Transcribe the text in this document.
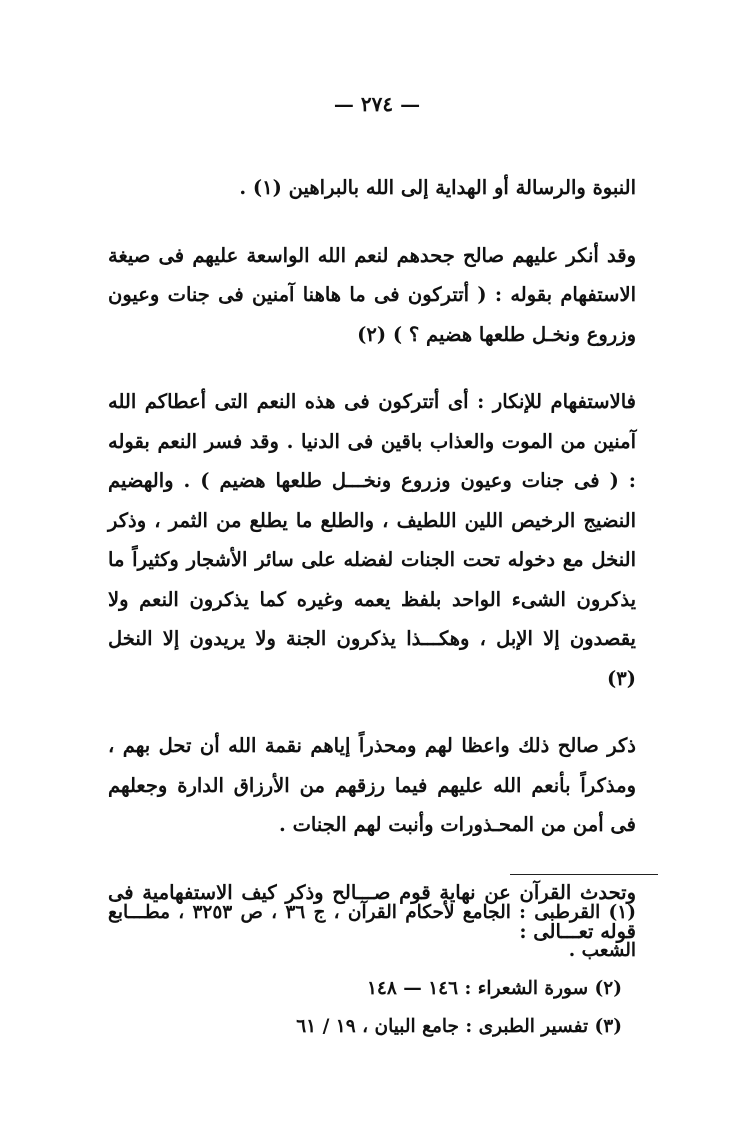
— ٢٧٤ —

النبوة والرسالة أو الهداية إلى الله بالبراهين (١) .

وقد أنكر عليهم صالح جحدهم لنعم الله الواسعة عليهم فى صيغة الاستفهام بقوله : ( أتتركون فى ما هاهنا آمنين فى جنات وعيون وزروع ونخـل طلعها هضيم ؟ ) (٢)

فالاستفهام للإنكار : أى أتتركون فى هذه النعم التى أعطاكم الله آمنين من الموت والعذاب باقين فى الدنيا . وقد فسر النعم بقوله : ( فى جنات وعيون وزروع ونخـــل طلعها هضيم ) . والهضيم النضيج الرخيص اللين اللطيف ، والطلع ما يطلع من الثمر ، وذكر النخل مع دخوله تحت الجنات لفضله على سائر الأشجار وكثيراً ما يذكرون الشىء الواحد بلفظ يعمه وغيره كما يذكرون النعم ولا يقصدون إلا الإبل ، وهكـــذا يذكرون الجنة ولا يريدون إلا النخل (٣)

ذكر صالح ذلك واعظا لهم ومحذراً إياهم نقمة الله أن تحل بهم ، ومذكراً بأنعم الله عليهم فيما رزقهم من الأرزاق الدارة وجعلهم فى أمن من المحـذورات وأنبت لهم الجنات .

وتحدث القرآن عن نهاية قوم صـــالح وذكر كيف الاستفهامية فى قوله تعـــالى :

(١) القرطبى : الجامع لأحكام القرآن ، ج ٣٦ ، ص ٣٢٥٣ ، مطـــابع الشعب .

(٢) سورة الشعراء : ١٤٦ — ١٤٨

(٣) تفسير الطبرى : جامع البيان ، ١٩ / ٦١
